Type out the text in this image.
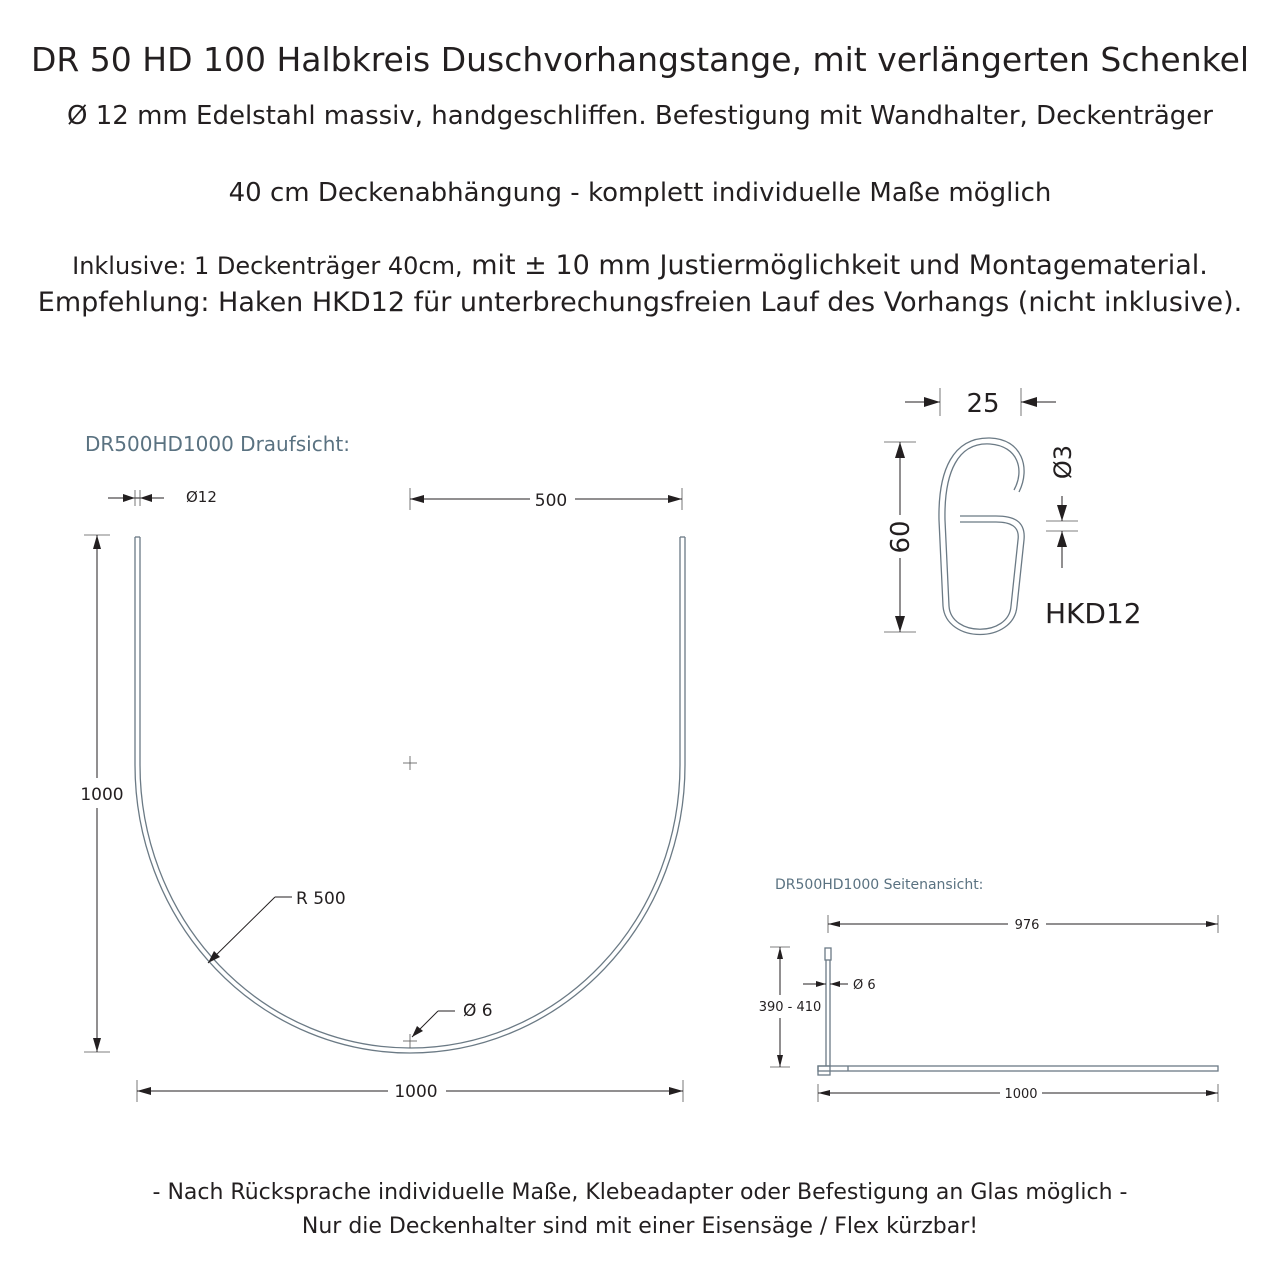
DR 50 HD 100 Halbkreis Duschvorhangstange, mit verlängerten Schenkel
Ø 12 mm Edelstahl massiv, handgeschliffen. Befestigung mit Wandhalter, Deckenträger
40 cm Deckenabhängung - komplett individuelle Maße möglich
Inklusive: 1 Deckenträger 40cm, mit ± 10 mm Justiermöglichkeit und Montagematerial.
Empfehlung: Haken HKD12 für unterbrechungsfreien Lauf des Vorhangs (nicht inklusive).
DR500HD1000 Draufsicht:
Ø12	500
1000
R 500
Ø 6
1000
25
60
Ø3
HKD12
DR500HD1000 Seitenansicht:
976
390 - 410
Ø 6
1000
- Nach Rücksprache individuelle Maße, Klebeadapter oder Befestigung an Glas möglich -
Nur die Deckenhalter sind mit einer Eisensäge / Flex kürzbar!
